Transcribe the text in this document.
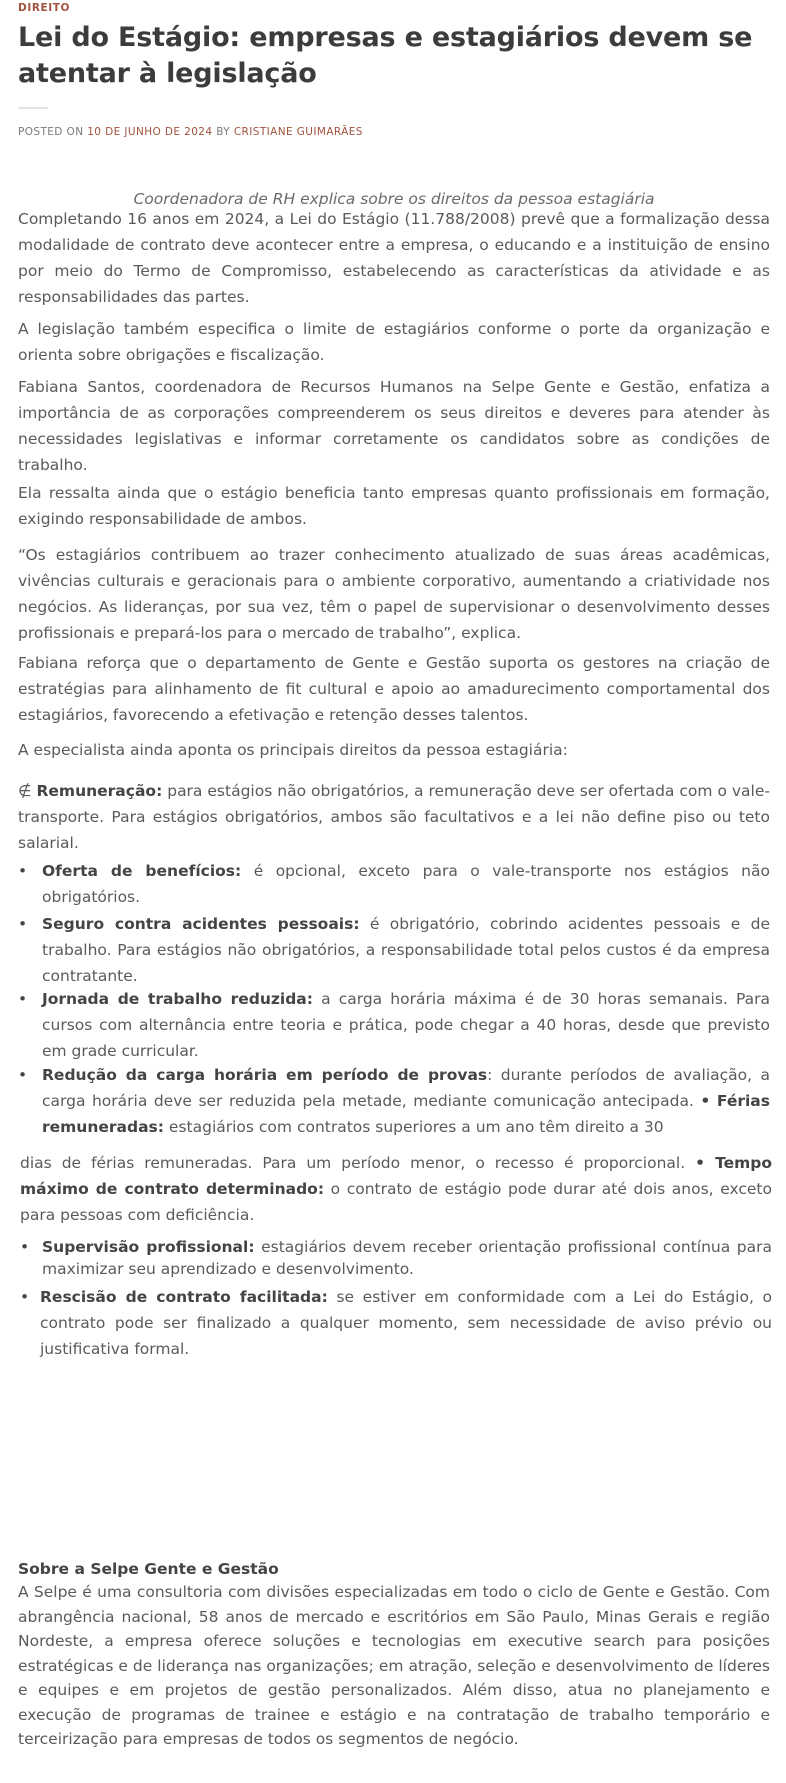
DIREITO
Lei do Estágio: empresas e estagiários devem se atentar à legislação
POSTED ON 10 DE JUNHO DE 2024 BY CRISTIANE GUIMARÃES
Coordenadora de RH explica sobre os direitos da pessoa estagiária

Completando 16 anos em 2024, a Lei do Estágio (11.788/2008) prevê que a formalização dessa modalidade de contrato deve acontecer entre a empresa, o educando e a instituição de ensino por meio do Termo de Compromisso, estabelecendo as características da atividade e as responsabilidades das partes.

A legislação também especifica o limite de estagiários conforme o porte da organização e orienta sobre obrigações e fiscalização.

Fabiana Santos, coordenadora de Recursos Humanos na Selpe Gente e Gestão, enfatiza a importância de as corporações compreenderem os seus direitos e deveres para atender às necessidades legislativas e informar corretamente os candidatos sobre as condições de trabalho.

Ela ressalta ainda que o estágio beneficia tanto empresas quanto profissionais em formação, exigindo responsabilidade de ambos.

“Os estagiários contribuem ao trazer conhecimento atualizado de suas áreas acadêmicas, vivências culturais e geracionais para o ambiente corporativo, aumentando a criatividade nos negócios. As lideranças, por sua vez, têm o papel de supervisionar o desenvolvimento desses profissionais e prepará-los para o mercado de trabalho”, explica.

Fabiana reforça que o departamento de Gente e Gestão suporta os gestores na criação de estratégias para alinhamento de fit cultural e apoio ao amadurecimento comportamental dos estagiários, favorecendo a efetivação e retenção desses talentos.

A especialista ainda aponta os principais direitos da pessoa estagiária:

∉ Remuneração: para estágios não obrigatórios, a remuneração deve ser ofertada com o vale-transporte. Para estágios obrigatórios, ambos são facultativos e a lei não define piso ou teto salarial.
• Oferta de benefícios: é opcional, exceto para o vale-transporte nos estágios não obrigatórios.
• Seguro contra acidentes pessoais: é obrigatório, cobrindo acidentes pessoais e de trabalho. Para estágios não obrigatórios, a responsabilidade total pelos custos é da empresa contratante.
• Jornada de trabalho reduzida: a carga horária máxima é de 30 horas semanais. Para cursos com alternância entre teoria e prática, pode chegar a 40 horas, desde que previsto em grade curricular.
• Redução da carga horária em período de provas: durante períodos de avaliação, a carga horária deve ser reduzida pela metade, mediante comunicação antecipada. • Férias remuneradas: estagiários com contratos superiores a um ano têm direito a 30
dias de férias remuneradas. Para um período menor, o recesso é proporcional. • Tempo máximo de contrato determinado: o contrato de estágio pode durar até dois anos, exceto para pessoas com deficiência.
• Supervisão profissional: estagiários devem receber orientação profissional contínua para maximizar seu aprendizado e desenvolvimento.
• Rescisão de contrato facilitada: se estiver em conformidade com a Lei do Estágio, o contrato pode ser finalizado a qualquer momento, sem necessidade de aviso prévio ou justificativa formal.
Sobre a Selpe Gente e Gestão

A Selpe é uma consultoria com divisões especializadas em todo o ciclo de Gente e Gestão. Com abrangência nacional, 58 anos de mercado e escritórios em São Paulo, Minas Gerais e região Nordeste, a empresa oferece soluções e tecnologias em executive search para posições estratégicas e de liderança nas organizações; em atração, seleção e desenvolvimento de líderes e equipes e em projetos de gestão personalizados. Além disso, atua no planejamento e execução de programas de trainee e estágio e na contratação de trabalho temporário e terceirização para empresas de todos os segmentos de negócio.
